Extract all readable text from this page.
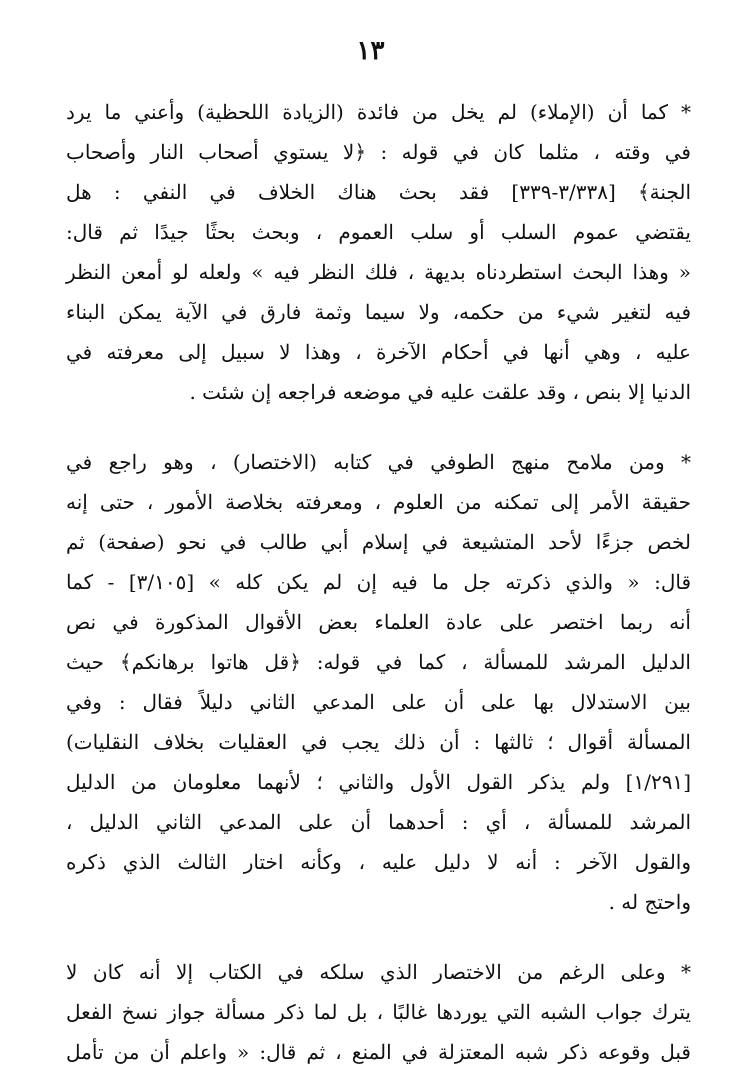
١٣
* كما أن (الإملاء) لم يخل من فائدة (الزيادة اللحظية) وأعني ما يرد
في وقته ، مثلما كان في قوله : ﴿لا يستوي أصحاب النار وأصحاب
الجنة﴾ [٣/٣٣٨-٣٣٩] فقد بحث هناك الخلاف في النفي : هل
يقتضي عموم السلب أو سلب العموم ، وبحث بحثًا جيدًا ثم قال:
« وهذا البحث استطردناه بديهة ، فلك النظر فيه » ولعله لو أمعن النظر
فيه لتغير شيء من حكمه، ولا سيما وثمة فارق في الآية يمكن البناء
عليه ، وهي أنها في أحكام الآخرة ، وهذا لا سبيل إلى معرفته في
الدنيا إلا بنص ، وقد علقت عليه في موضعه فراجعه إن شئت .
* ومن ملامح منهج الطوفي في كتابه (الاختصار) ، وهو راجع في
حقيقة الأمر إلى تمكنه من العلوم ، ومعرفته بخلاصة الأمور ، حتى إنه
لخص جزءًا لأحد المتشيعة في إسلام أبي طالب في نحو (صفحة) ثم
قال: « والذي ذكرته جل ما فيه إن لم يكن كله » [٣/١٠٥] - كما
أنه ربما اختصر على عادة العلماء بعض الأقوال المذكورة في نص
الدليل المرشد للمسألة ، كما في قوله: ﴿قل هاتوا برهانكم﴾ حيث
بين الاستدلال بها على أن على المدعي الثاني دليلاً فقال : وفي
المسألة أقوال ؛ ثالثها : أن ذلك يجب في العقليات بخلاف النقليات)
[١/٢٩١] ولم يذكر القول الأول والثاني ؛ لأنهما معلومان من الدليل
المرشد للمسألة ، أي : أحدهما أن على المدعي الثاني الدليل ،
والقول الآخر : أنه لا دليل عليه ، وكأنه اختار الثالث الذي ذكره
واحتج له .
* وعلى الرغم من الاختصار الذي سلكه في الكتاب إلا أنه كان لا
يترك جواب الشبه التي يوردها غالبًا ، بل لما ذكر مسألة جواز نسخ الفعل
قبل وقوعه ذكر شبه المعتزلة في المنع ، ثم قال: « واعلم أن من تأمل
